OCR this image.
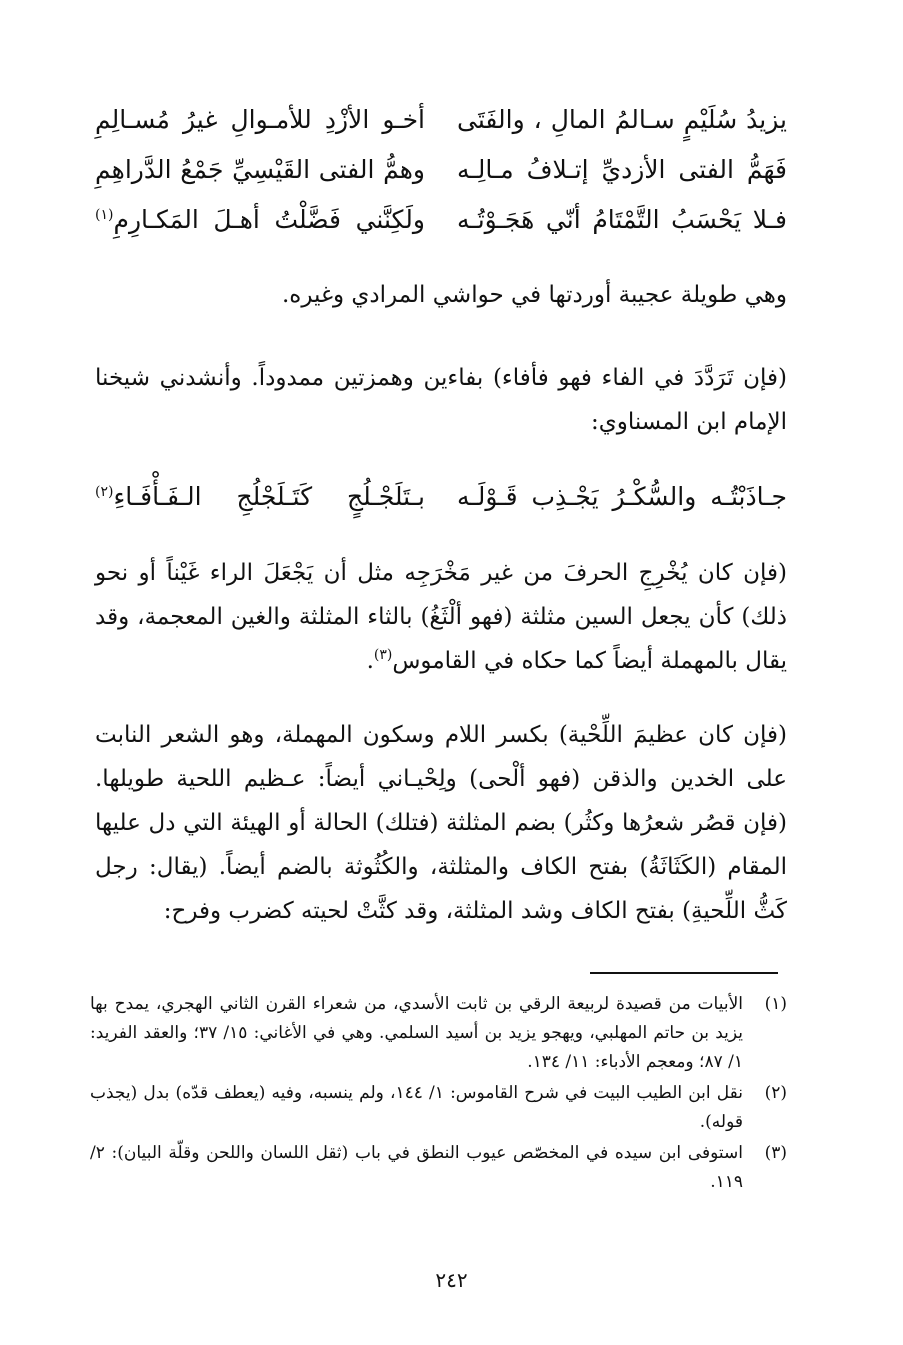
يزيدُ سُلَيْمٍ سـالمُ المالِ ، والفَتَى
أخـو الأزْدِ للأمـوالِ غيرُ مُسـالِمِ
فَهَمُّ الفتى الأزديِّ إتـلافُ مـالِـه
وهمُّ الفتى القَيْسِيِّ جَمْعُ الدَّراهِمِ
فـلا يَحْسَبُ التَّمْتَامُ أنّي هَجَـوْتُـه
ولَكِنَّني فَضَّلْتُ أهـلَ المَكـارِمِ$^{(١)}$

وهي طويلة عجيبة أوردتها في حواشي المرادي وغيره.

(فإن تَرَدَّدَ في الفاء فهو فأفاء) بفاءين وهمزتين ممدوداً. وأنشدني شيخنا الإمام ابن المسناوي:

جـاذَبْتُـه والسُّكْـرُ يَجْـذِب قَـوْلَـه
بـتَلَجْـلُجٍ كَتَـلَجْلُجِ الـفَـأْفَـاءِ$^{(٢)}$

(فإن كان يُخْرِجِ الحرفَ من غير مَخْرَجِه مثل أن يَجْعَلَ الراء غَيْناً أو نحو ذلك) كأن يجعل السين مثلثة (فهو ألْثَغُ) بالثاء المثلثة والغين المعجمة، وقد يقال بالمهملة أيضاً كما حكاه في القاموس$^{(٣)}$.

(فإن كان عظيمَ اللِّحْية) بكسر اللام وسكون المهملة، وهو الشعر النابت على الخدين والذقن (فهو ألْحى) ولِحْيـاني أيضاً: عـظيم اللحية طويلها. (فإن قصُر شعرُها وكثُر) بضم المثلثة (فتلك) الحالة أو الهيئة التي دل عليها المقام (الكَثَاثَةُ) بفتح الكاف والمثلثة، والكُثُوثة بالضم أيضاً. (يقال: رجل كَثُّ اللِّحيةِ) بفتح الكاف وشد المثلثة، وقد كثَّتْ لحيته كضرب وفرح:

(١)
الأبيات من قصيدة لربيعة الرقي بن ثابت الأسدي، من شعراء القرن الثاني الهجري، يمدح بها يزيد بن حاتم المهلبي، ويهجو يزيد بن أسيد السلمي. وهي في الأغاني: ١٥/ ٣٧؛ والعقد الفريد: ١/ ٨٧؛ ومعجم الأدباء: ١١/ ١٣٤.
(٢)
نقل ابن الطيب البيت في شرح القاموس: ١/ ١٤٤، ولم ينسبه، وفيه (يعطف قدّه) بدل (يجذب قوله).
(٣)
استوفى ابن سيده في المخصّص عيوب النطق في باب (ثقل اللسان واللحن وقلّة البيان): ٢/ ١١٩.
٢٤٢
